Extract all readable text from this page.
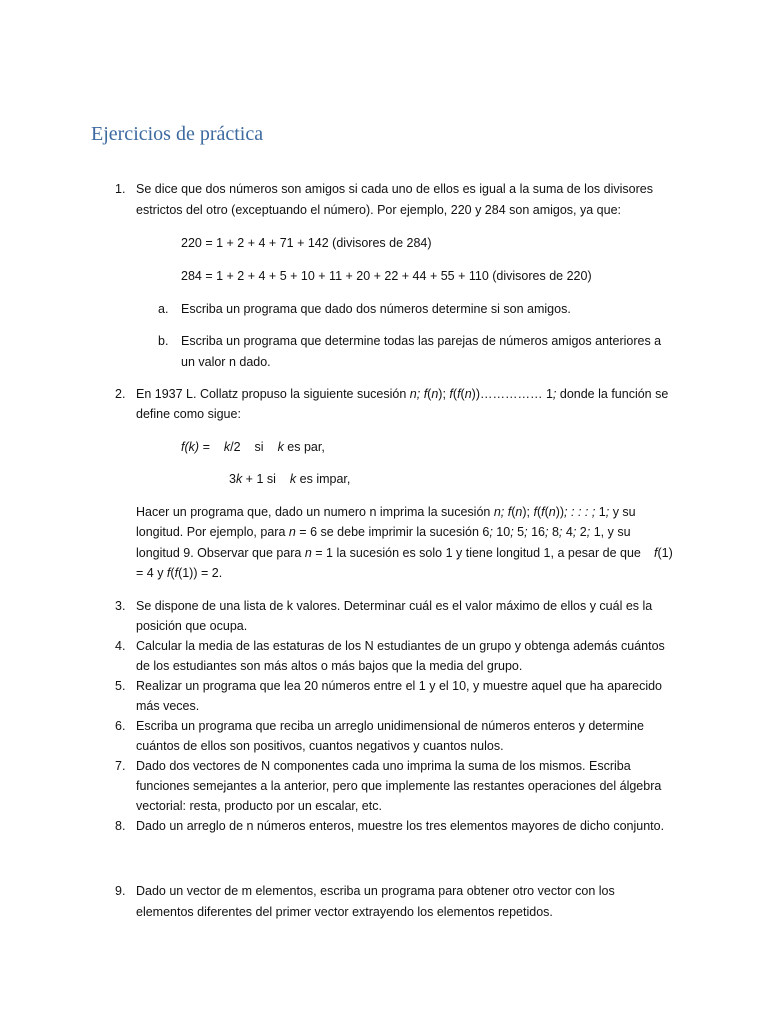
Ejercicios de práctica
1. Se dice que dos números son amigos si cada uno de ellos es igual a la suma de los divisores
estrictos del otro (exceptuando el número). Por ejemplo, 220 y 284 son amigos, ya que:
220 = 1 + 2 + 4 + 71 + 142 (divisores de 284)
284 = 1 + 2 + 4 + 5 + 10 + 11 + 20 + 22 + 44 + 55 + 110 (divisores de 220)
a. Escriba un programa que dado dos números determine si son amigos.
b. Escriba un programa que determine todas las parejas de números amigos anteriores a
un valor n dado.
2. En 1937 L. Collatz propuso la siguiente sucesión n; f(n); f(f(n))…………… 1; donde la función se
define como sigue:
f(k) = k/2 si k es par,
3k + 1 si k es impar,
Hacer un programa que, dado un numero n imprima la sucesión n; f(n); f(f(n)); : : : ; 1; y su
longitud. Por ejemplo, para n = 6 se debe imprimir la sucesión 6; 10; 5; 16; 8; 4; 2; 1, y su
longitud 9. Observar que para n = 1 la sucesión es solo 1 y tiene longitud 1, a pesar de que f(1)
= 4 y f(f(1)) = 2.
3. Se dispone de una lista de k valores. Determinar cuál es el valor máximo de ellos y cuál es la
posición que ocupa.
4. Calcular la media de las estaturas de los N estudiantes de un grupo y obtenga además cuántos
de los estudiantes son más altos o más bajos que la media del grupo.
5. Realizar un programa que lea 20 números entre el 1 y el 10, y muestre aquel que ha aparecido
más veces.
6. Escriba un programa que reciba un arreglo unidimensional de números enteros y determine
cuántos de ellos son positivos, cuantos negativos y cuantos nulos.
7. Dado dos vectores de N componentes cada uno imprima la suma de los mismos. Escriba
funciones semejantes a la anterior, pero que implemente las restantes operaciones del álgebra
vectorial: resta, producto por un escalar, etc.
8. Dado un arreglo de n números enteros, muestre los tres elementos mayores de dicho conjunto.
9. Dado un vector de m elementos, escriba un programa para obtener otro vector con los
elementos diferentes del primer vector extrayendo los elementos repetidos.
